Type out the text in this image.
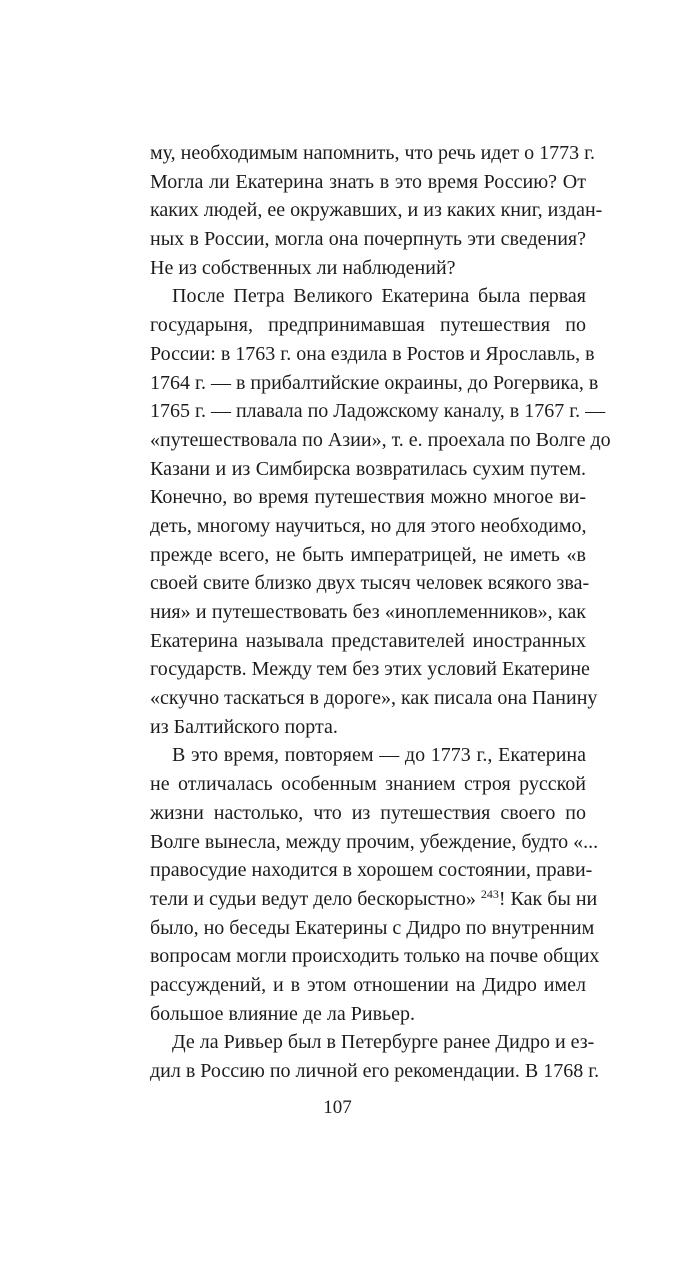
му, необходимым напомнить, что речь идет о 1773 г.
Могла ли Екатерина знать в это время Россию? От
каких людей, ее окружавших, и из каких книг, издан-
ных в России, могла она почерпнуть эти сведения?
Не из собственных ли наблюдений?
После Петра Великого Екатерина была первая
государыня, предпринимавшая путешествия по
России: в 1763 г. она ездила в Ростов и Ярославль, в
1764 г. — в прибалтийские окраины, до Рогервика, в
1765 г. — плавала по Ладожскому каналу, в 1767 г. —
«путешествовала по Азии», т. е. проехала по Волге до
Казани и из Симбирска возвратилась сухим путем.
Конечно, во время путешествия можно многое ви-
деть, многому научиться, но для этого необходимо,
прежде всего, не быть императрицей, не иметь «в
своей свите близко двух тысяч человек всякого зва-
ния» и путешествовать без «иноплеменников», как
Екатерина называла представителей иностранных
государств. Между тем без этих условий Екатерине
«скучно таскаться в дороге», как писала она Панину
из Балтийского порта.
В это время, повторяем — до 1773 г., Екатерина
не отличалась особенным знанием строя русской
жизни настолько, что из путешествия своего по
Волге вынесла, между прочим, убеждение, будто «...
правосудие находится в хорошем состоянии, прави-
тели и судьи ведут дело бескорыстно» $^{243}$! Как бы ни
было, но беседы Екатерины с Дидро по внутренним
вопросам могли происходить только на почве общих
рассуждений, и в этом отношении на Дидро имел
большое влияние де ла Ривьер.
Де ла Ривьер был в Петербурге ранее Дидро и ез-
дил в Россию по личной его рекомендации. В 1768 г.
107
